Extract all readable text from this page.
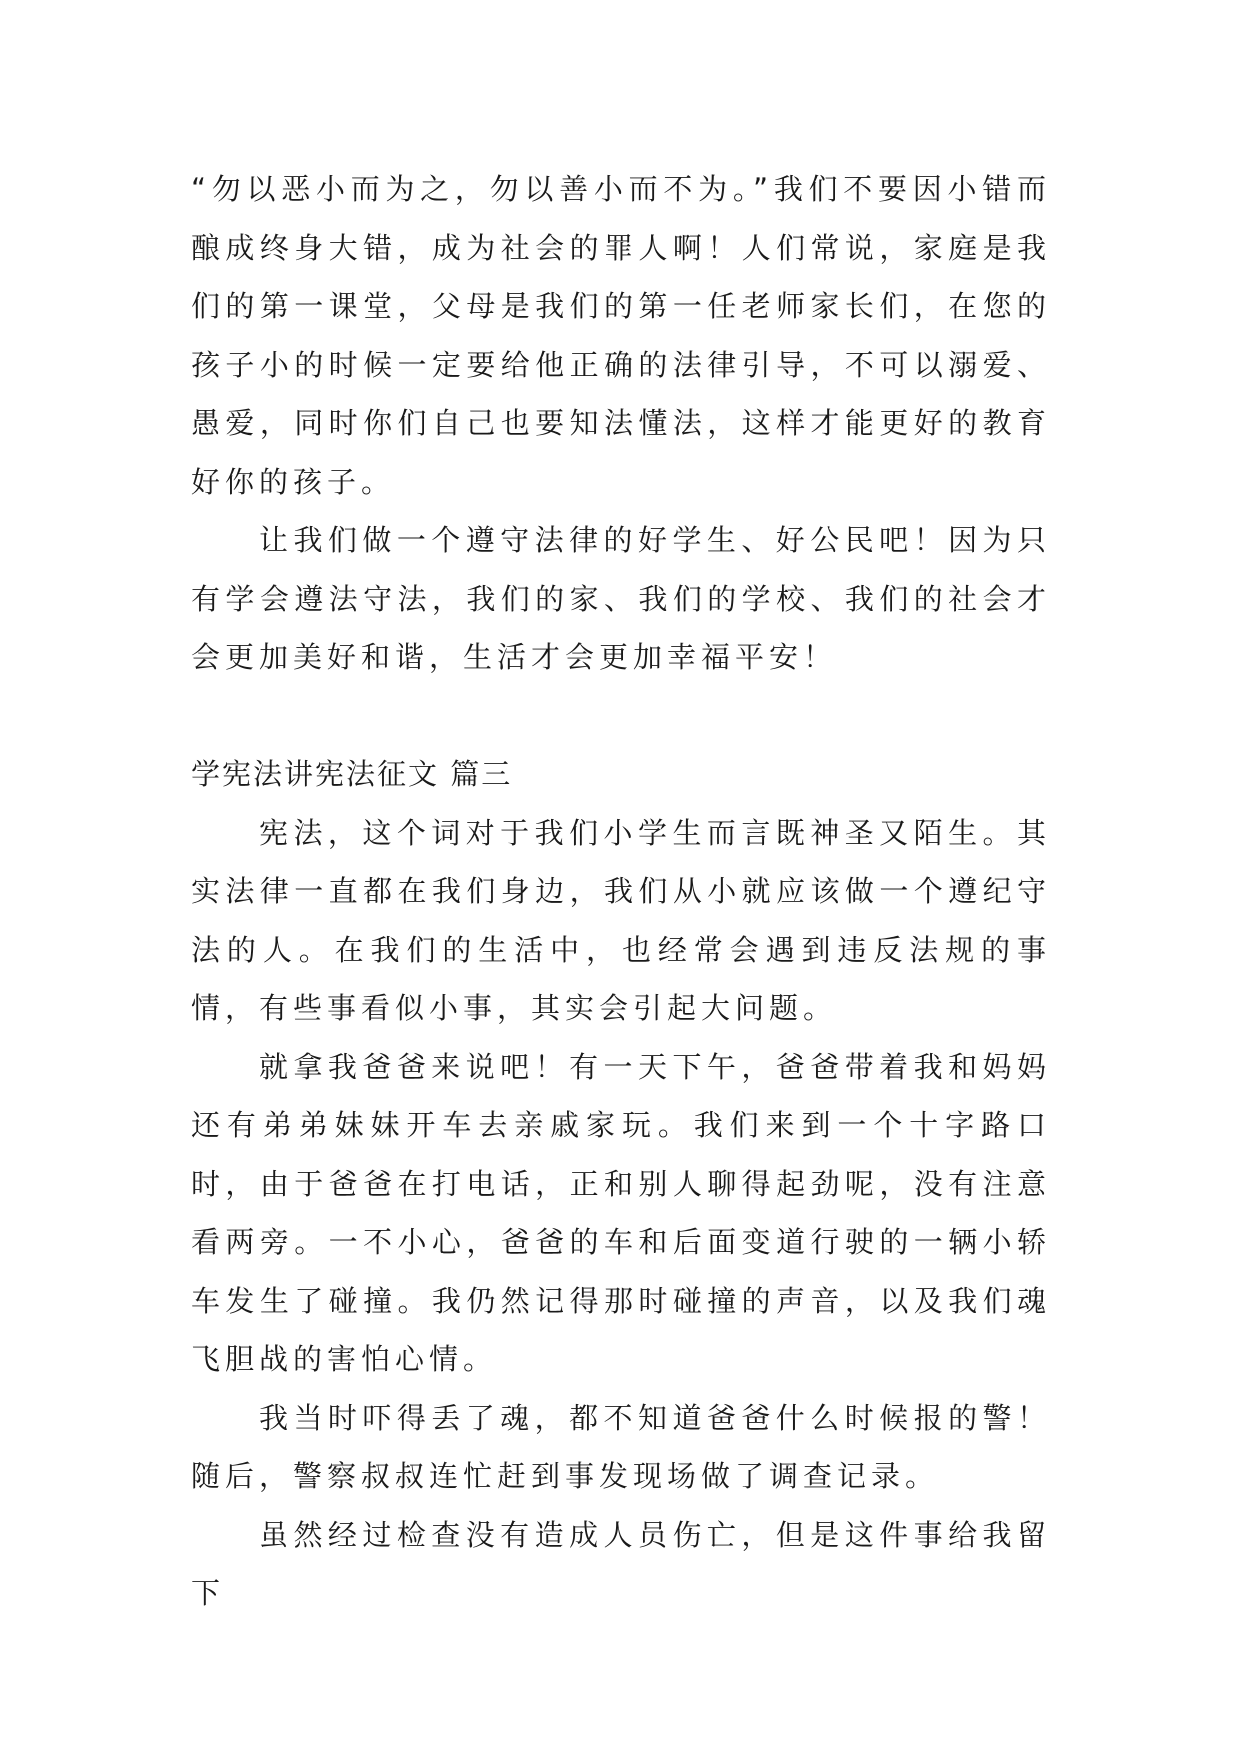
“勿以恶小而为之，勿以善小而不为。”我们不要因小错而酿成终身大错，成为社会的罪人啊！人们常说，家庭是我们的第一课堂，父母是我们的第一任老师家长们，在您的孩子小的时候一定要给他正确的法律引导，不可以溺爱、愚爱，同时你们自己也要知法懂法，这样才能更好的教育好你的孩子。

让我们做一个遵守法律的好学生、好公民吧！因为只有学会遵法守法，我们的家、我们的学校、我们的社会才会更加美好和谐，生活才会更加幸福平安！

学宪法讲宪法征文 篇三

宪法，这个词对于我们小学生而言既神圣又陌生。其实法律一直都在我们身边，我们从小就应该做一个遵纪守法的人。在我们的生活中，也经常会遇到违反法规的事情，有些事看似小事，其实会引起大问题。

就拿我爸爸来说吧！有一天下午，爸爸带着我和妈妈还有弟弟妹妹开车去亲戚家玩。我们来到一个十字路口时，由于爸爸在打电话，正和别人聊得起劲呢，没有注意看两旁。一不小心，爸爸的车和后面变道行驶的一辆小轿车发生了碰撞。我仍然记得那时碰撞的声音，以及我们魂飞胆战的害怕心情。

我当时吓得丢了魂，都不知道爸爸什么时候报的警！随后，警察叔叔连忙赶到事发现场做了调查记录。

虽然经过检查没有造成人员伤亡，但是这件事给我留下
